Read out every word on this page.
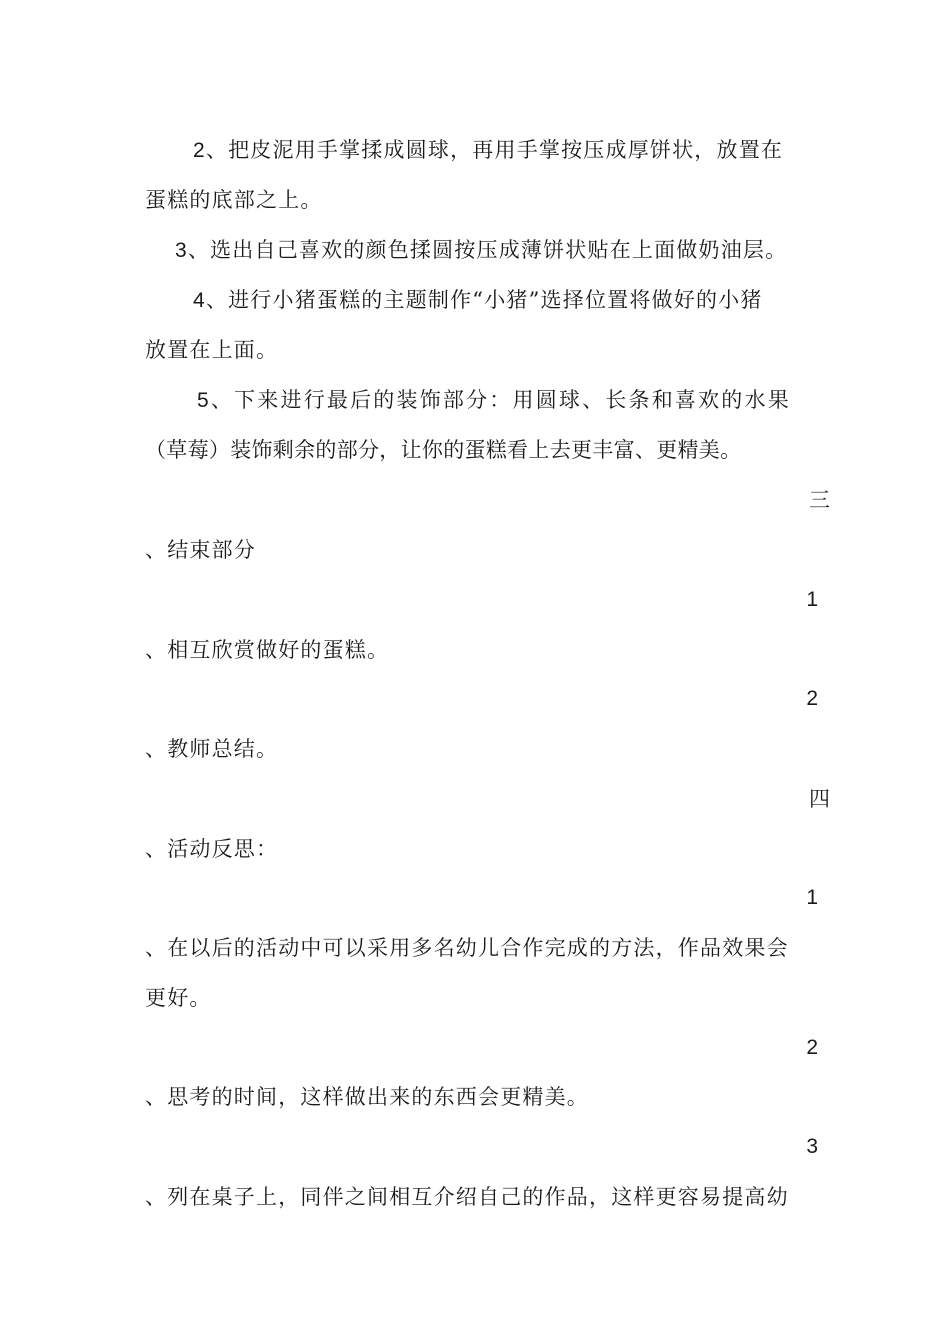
2、把皮泥用手掌揉成圆球，再用手掌按压成厚饼状，放置在
蛋糕的底部之上。
3、选出自己喜欢的颜色揉圆按压成薄饼状贴在上面做奶油层。
4、进行小猪蛋糕的主题制作“小猪”选择位置将做好的小猪
放置在上面。
5、下来进行最后的装饰部分：用圆球、长条和喜欢的水果
（草莓）装饰剩余的部分，让你的蛋糕看上去更丰富、更精美。
三
、结束部分
1
、相互欣赏做好的蛋糕。
2
、教师总结。
四
、活动反思：
1
、在以后的活动中可以采用多名幼儿合作完成的方法，作品效果会
更好。
2
、思考的时间，这样做出来的东西会更精美。
3
、列在桌子上，同伴之间相互介绍自己的作品，这样更容易提高幼
